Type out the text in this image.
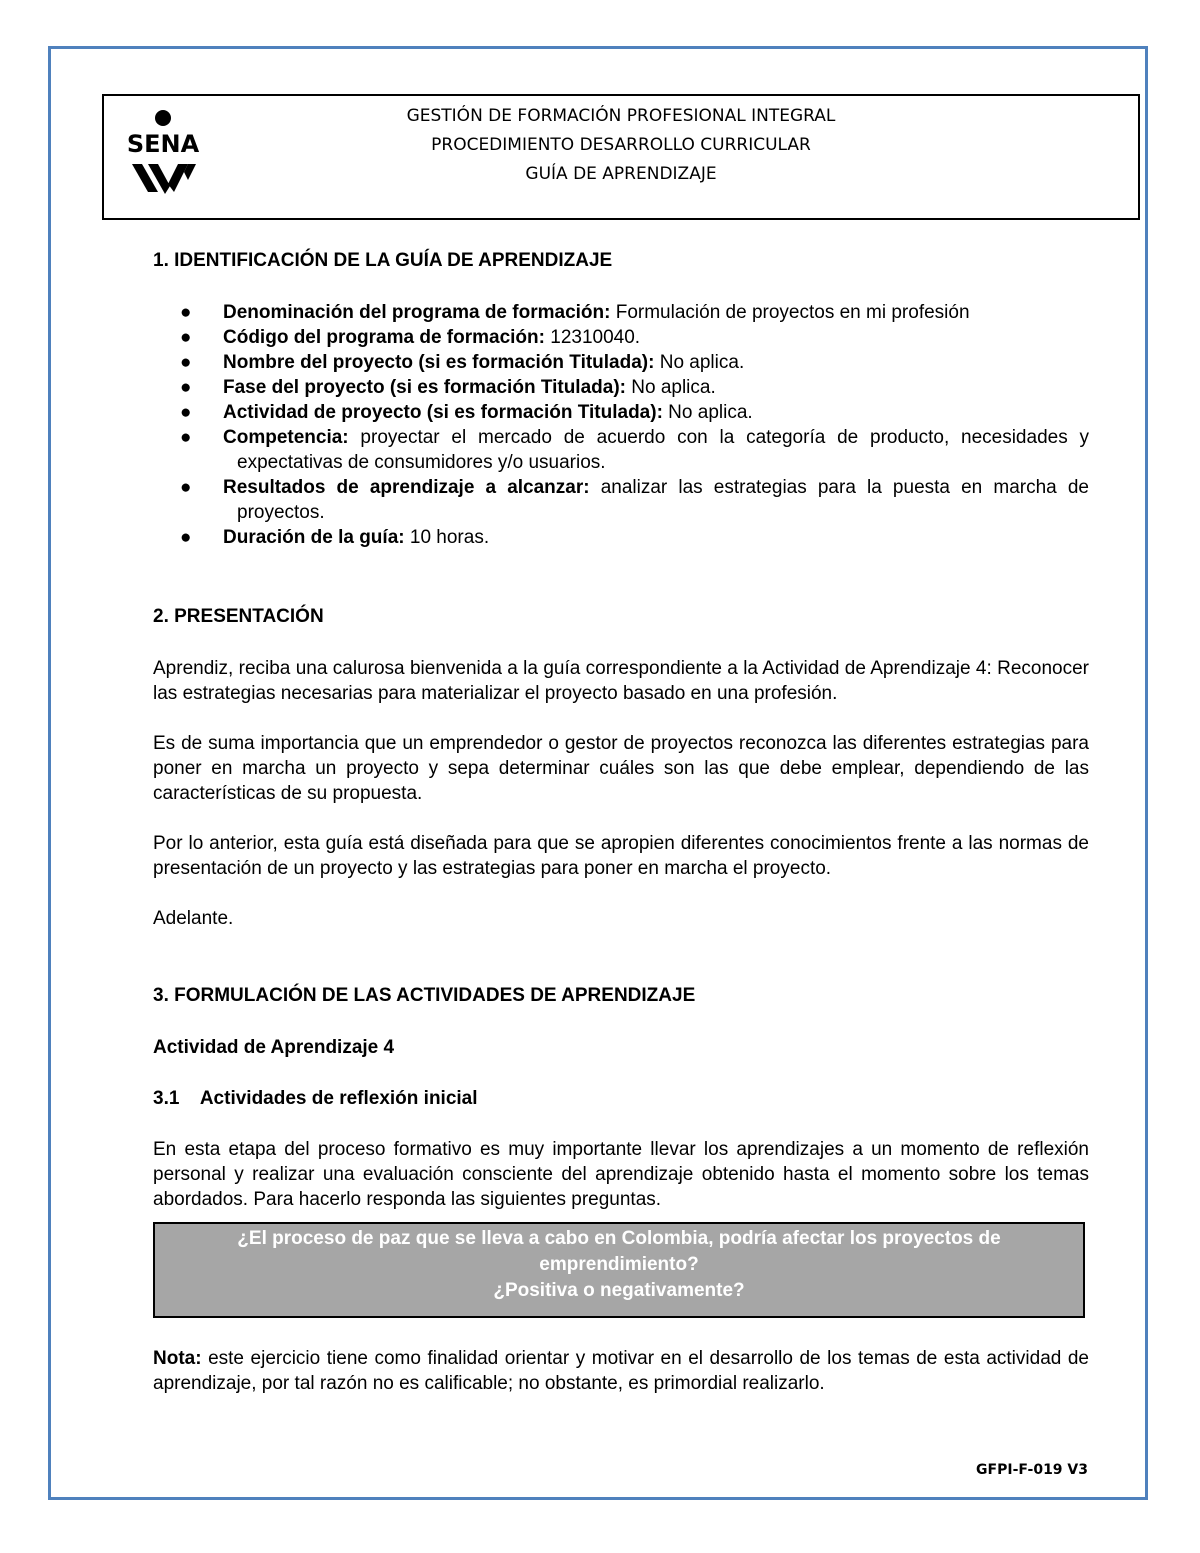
SENA
GESTIÓN DE FORMACIÓN PROFESIONAL INTEGRAL
PROCEDIMIENTO DESARROLLO CURRICULAR
GUÍA DE APRENDIZAJE
1. IDENTIFICACIÓN DE LA GUÍA DE APRENDIZAJE
● Denominación del programa de formación: Formulación de proyectos en mi profesión
● Código del programa de formación: 12310040.
● Nombre del proyecto (si es formación Titulada): No aplica.
● Fase del proyecto (si es formación Titulada): No aplica.
● Actividad de proyecto (si es formación Titulada): No aplica.
● Competencia: proyectar el mercado de acuerdo con la categoría de producto, necesidades y expectativas de consumidores y/o usuarios.
● Resultados de aprendizaje a alcanzar: analizar las estrategias para la puesta en marcha de proyectos.
● Duración de la guía: 10 horas.
2. PRESENTACIÓN

Aprendiz, reciba una calurosa bienvenida a la guía correspondiente a la Actividad de Aprendizaje 4: Reconocer las estrategias necesarias para materializar el proyecto basado en una profesión.

Es de suma importancia que un emprendedor o gestor de proyectos reconozca las diferentes estrategias para poner en marcha un proyecto y sepa determinar cuáles son las que debe emplear, dependiendo de las características de su propuesta.

Por lo anterior, esta guía está diseñada para que se apropien diferentes conocimientos frente a las normas de presentación de un proyecto y las estrategias para poner en marcha el proyecto.

Adelante.

3. FORMULACIÓN DE LAS ACTIVIDADES DE APRENDIZAJE
Actividad de Aprendizaje 4
3.1    Actividades de reflexión inicial

En esta etapa del proceso formativo es muy importante llevar los aprendizajes a un momento de reflexión personal y realizar una evaluación consciente del aprendizaje obtenido hasta el momento sobre los temas abordados. Para hacerlo responda las siguientes preguntas.

¿El proceso de paz que se lleva a cabo en Colombia, podría afectar los proyectos de emprendimiento?
¿Positiva o negativamente?

Nota: este ejercicio tiene como finalidad orientar y motivar en el desarrollo de los temas de esta actividad de aprendizaje, por tal razón no es calificable; no obstante, es primordial realizarlo.

GFPI-F-019 V3
